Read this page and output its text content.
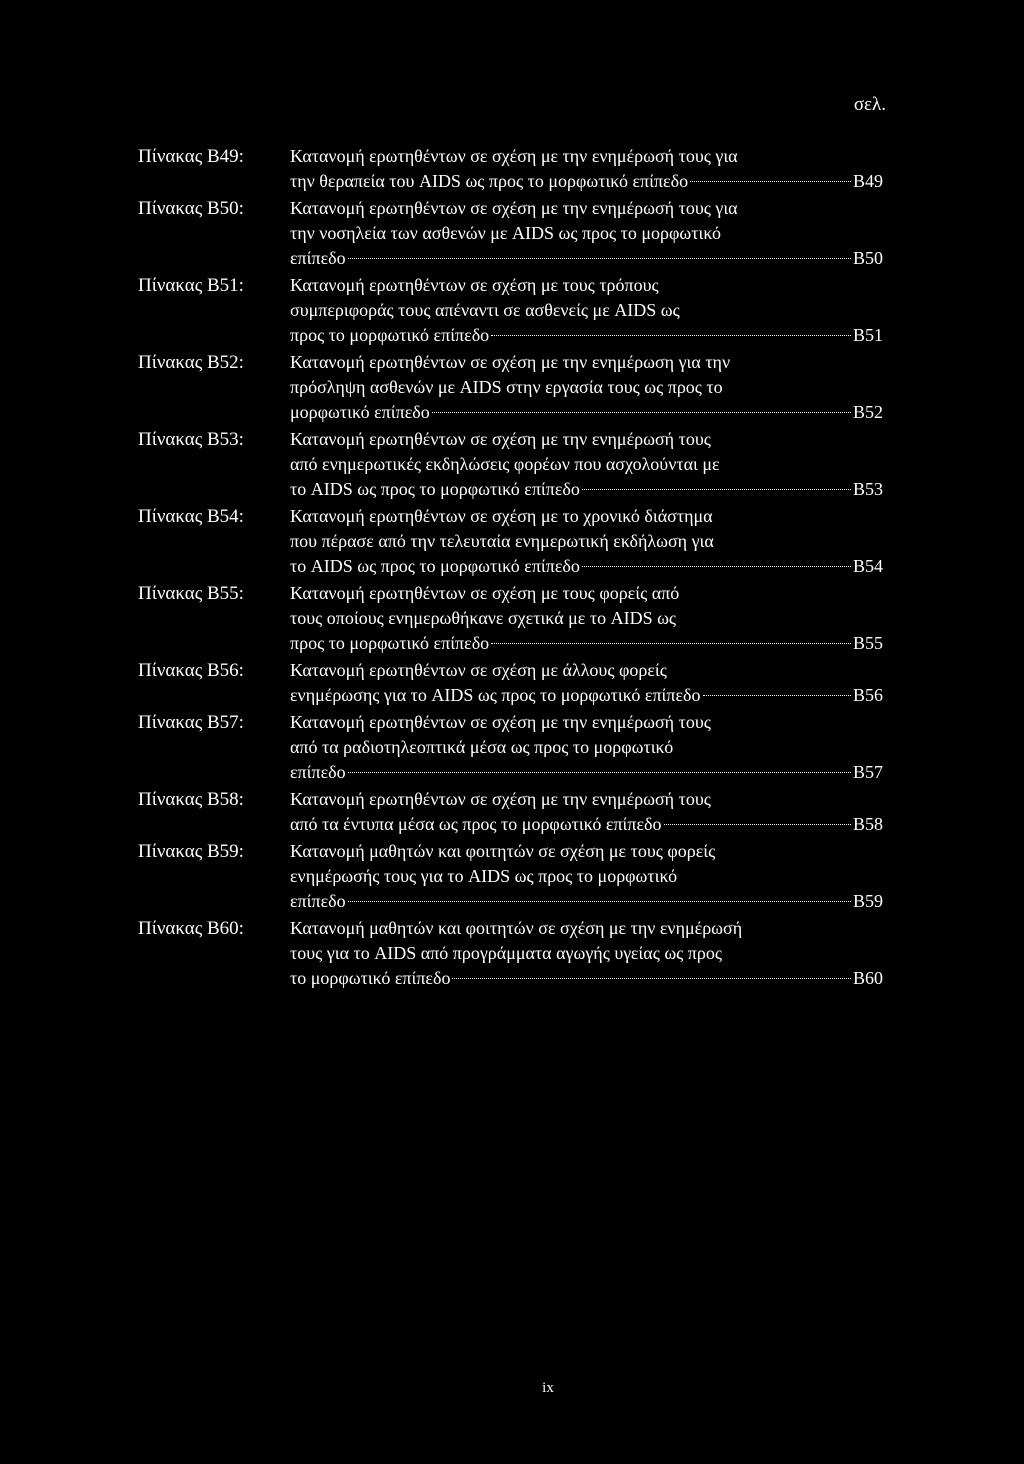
σελ.
Πίνακας Β49:	Κατανομή ερωτηθέντων σε σχέση με την ενημέρωσή τους για
την θεραπεία του AIDS ως προς το μορφωτικό επίπεδο	Β49
Πίνακας Β50:	Κατανομή ερωτηθέντων σε σχέση με την ενημέρωσή τους για
την νοσηλεία των ασθενών με AIDS ως προς το μορφωτικό
επίπεδο	Β50
Πίνακας Β51:	Κατανομή ερωτηθέντων σε σχέση με τους τρόπους
συμπεριφοράς τους απέναντι σε ασθενείς με AIDS ως
προς το μορφωτικό επίπεδο	Β51
Πίνακας Β52:	Κατανομή ερωτηθέντων σε σχέση με την ενημέρωση για την
πρόσληψη ασθενών με AIDS στην εργασία τους ως προς το
μορφωτικό επίπεδο	Β52
Πίνακας Β53:	Κατανομή ερωτηθέντων σε σχέση με την ενημέρωσή τους
από ενημερωτικές εκδηλώσεις φορέων που ασχολούνται με
το AIDS ως προς το μορφωτικό επίπεδο	Β53
Πίνακας Β54:	Κατανομή ερωτηθέντων σε σχέση με το χρονικό διάστημα
που πέρασε από την τελευταία ενημερωτική εκδήλωση για
το AIDS ως προς το μορφωτικό επίπεδο	Β54
Πίνακας Β55:	Κατανομή ερωτηθέντων σε σχέση με τους φορείς από
τους οποίους ενημερωθήκανε σχετικά με το AIDS ως
προς το μορφωτικό επίπεδο	Β55
Πίνακας Β56:	Κατανομή ερωτηθέντων σε σχέση με άλλους φορείς
ενημέρωσης για το AIDS ως προς το μορφωτικό επίπεδο	Β56
Πίνακας Β57:	Κατανομή ερωτηθέντων σε σχέση με την ενημέρωσή τους
από τα ραδιοτηλεοπτικά μέσα ως προς το μορφωτικό
επίπεδο	Β57
Πίνακας Β58:	Κατανομή ερωτηθέντων σε σχέση με την ενημέρωσή τους
από τα έντυπα μέσα ως προς το μορφωτικό επίπεδο	Β58
Πίνακας Β59:	Κατανομή μαθητών και φοιτητών σε σχέση με τους φορείς
ενημέρωσής τους για το AIDS ως προς το μορφωτικό
επίπεδο	Β59
Πίνακας Β60:	Κατανομή μαθητών και φοιτητών σε σχέση με την ενημέρωσή
τους για το AIDS από προγράμματα αγωγής υγείας ως προς
το μορφωτικό επίπεδο	Β60
ix
